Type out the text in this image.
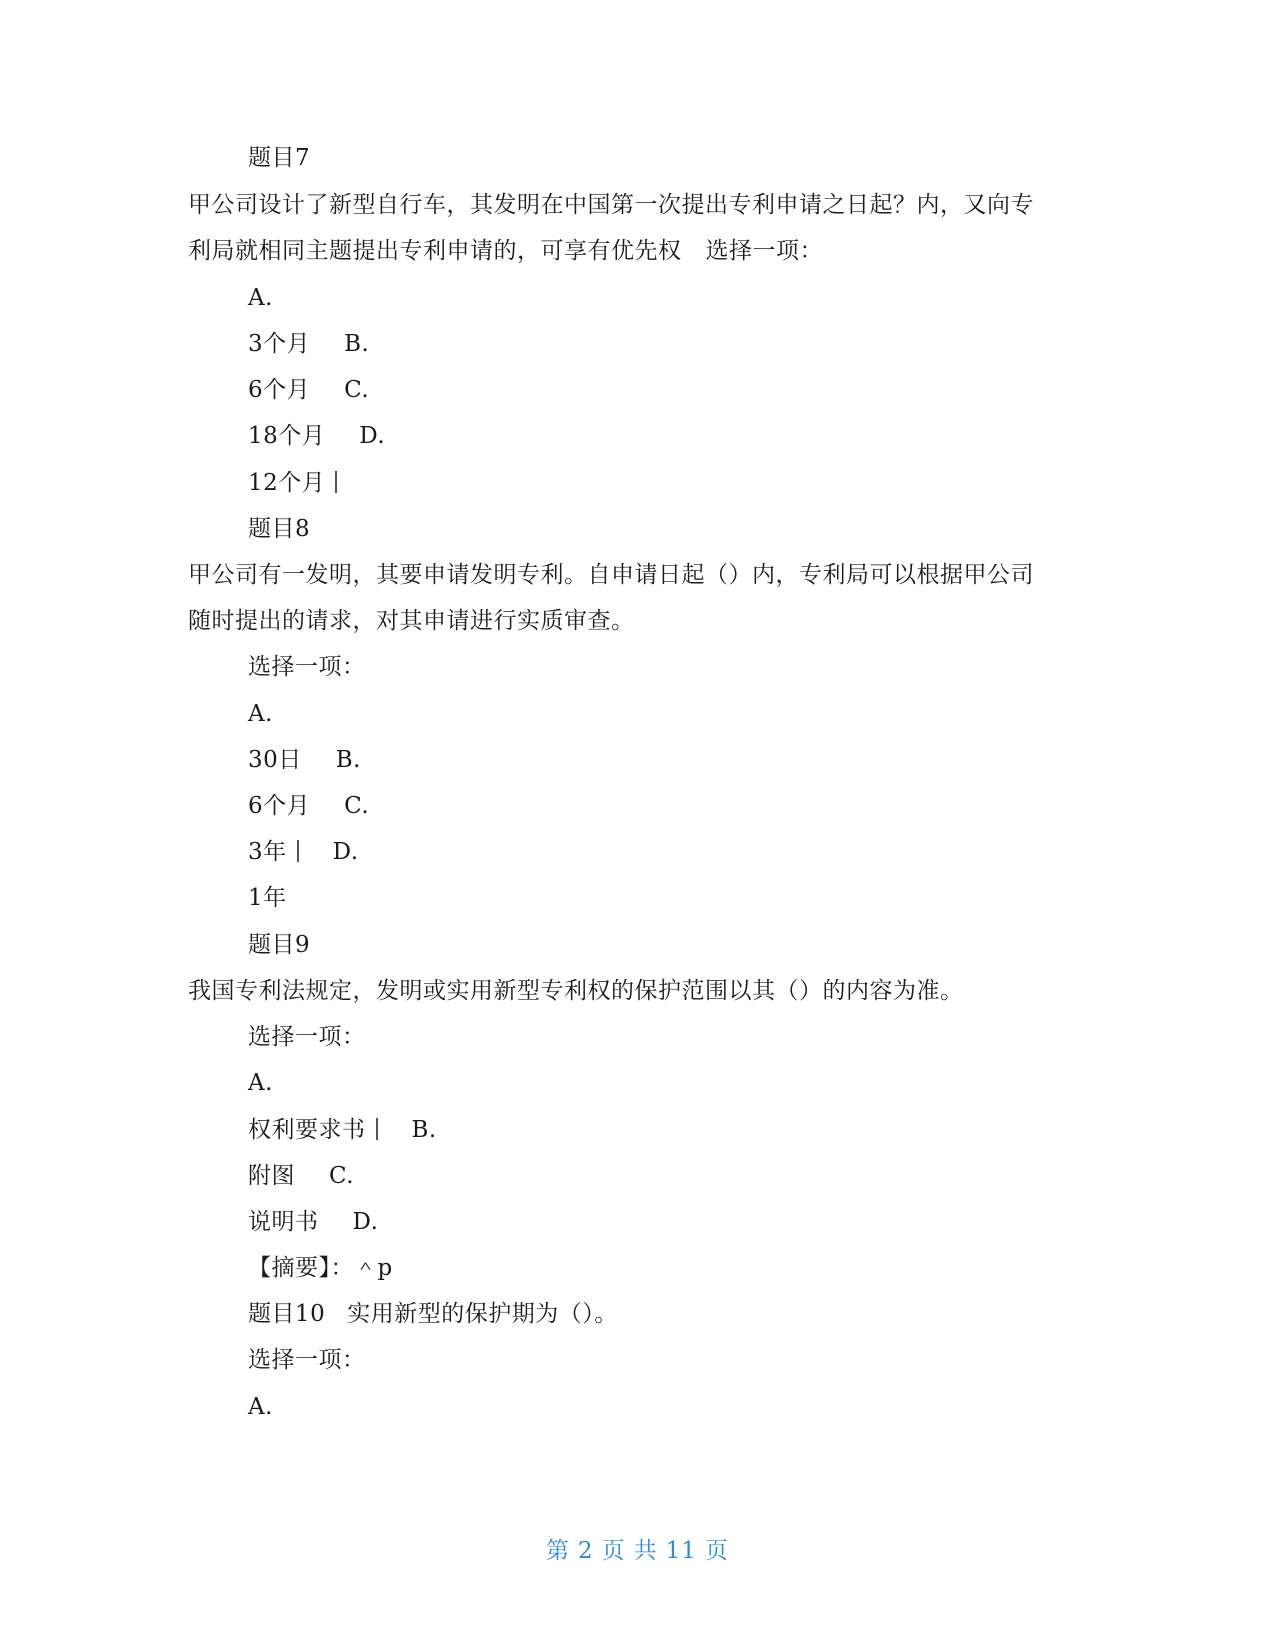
题目7
甲公司设计了新型自行车，其发明在中国第一次提出专利申请之日起？内，又向专
利局就相同主题提出专利申请的，可享有优先权 选择一项：
A.
3个月 B.
6个月 C.
18个月 D.
12个月
题目8
甲公司有一发明，其要申请发明专利。自申请日起（）内，专利局可以根据甲公司
随时提出的请求，对其申请进行实质审查。
选择一项：
A.
30日 B.
6个月 C.
3年 D.
1年
题目9
我国专利法规定，发明或实用新型专利权的保护范围以其（）的内容为准。
选择一项：
A.
权利要求书 B.
附图 C.
说明书 D.
【摘要】：＾p
题目10 实用新型的保护期为（）。
选择一项：
A.
第 2 页 共 11 页
